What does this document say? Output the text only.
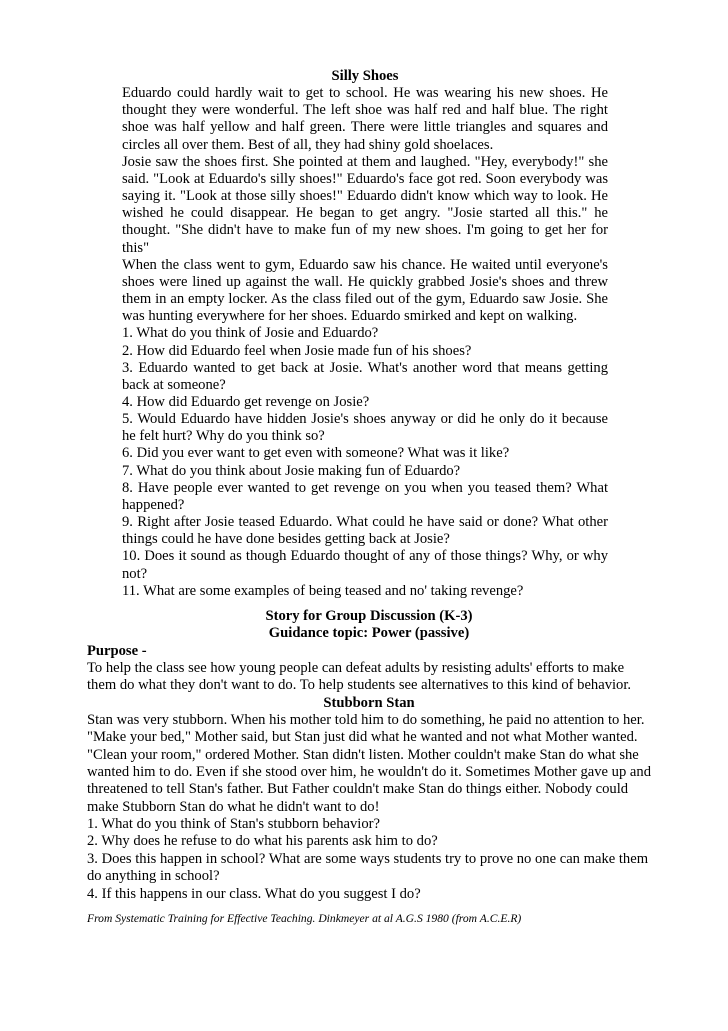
Silly Shoes

Eduardo could hardly wait to get to school. He was wearing his new shoes. He thought they were wonderful. The left shoe was half red and half blue. The right shoe was half yellow and half green. There were little triangles and squares and circles all over them. Best of all, they had shiny gold shoelaces.

Josie saw the shoes first. She pointed at them and laughed. "Hey, everybody!" she said. "Look at Eduardo's silly shoes!" Eduardo's face got red. Soon everybody was saying it. "Look at those silly shoes!" Eduardo didn't know which way to look. He wished he could disappear. He began to get angry. "Josie started all this." he thought. "She didn't have to make fun of my new shoes. I'm going to get her for this"

When the class went to gym, Eduardo saw his chance. He waited until everyone's shoes were lined up against the wall. He quickly grabbed Josie's shoes and threw them in an empty locker. As the class filed out of the gym, Eduardo saw Josie. She was hunting everywhere for her shoes. Eduardo smirked and kept on walking.

1. What do you think of Josie and Eduardo?
2. How did Eduardo feel when Josie made fun of his shoes?
3. Eduardo wanted to get back at Josie. What's another word that means getting back at someone?
4. How did Eduardo get revenge on Josie?
5. Would Eduardo have hidden Josie's shoes anyway or did he only do it because he felt hurt? Why do you think so?
6. Did you ever want to get even with someone? What was it like?
7. What do you think about Josie making fun of Eduardo?
8. Have people ever wanted to get revenge on you when you teased them? What happened?
9. Right after Josie teased Eduardo. What could he have said or done? What other things could he have done besides getting back at Josie?
10. Does it sound as though Eduardo thought of any of those things? Why, or why not?
11. What are some examples of being teased and no' taking revenge?
Story for Group Discussion (K-3)
Guidance topic: Power (passive)
Purpose -

To help the class see how young people can defeat adults by resisting adults' efforts to make them do what they don't want to do. To help students see alternatives to this kind of behavior.

Stubborn Stan

Stan was very stubborn. When his mother told him to do something, he paid no attention to her. "Make your bed," Mother said, but Stan just did what he wanted and not what Mother wanted. "Clean your room," ordered Mother. Stan didn't listen. Mother couldn't make Stan do what she wanted him to do. Even if she stood over him, he wouldn't do it. Sometimes Mother gave up and threatened to tell Stan's father. But Father couldn't make Stan do things either. Nobody could make Stubborn Stan do what he didn't want to do!

1. What do you think of Stan's stubborn behavior?
2. Why does he refuse to do what his parents ask him to do?
3. Does this happen in school? What are some ways students try to prove no one can make them do anything in school?
4. If this happens in our class. What do you suggest I do?
From Systematic Training for Effective Teaching. Dinkmeyer at al A.G.S 1980 (from A.C.E.R)
